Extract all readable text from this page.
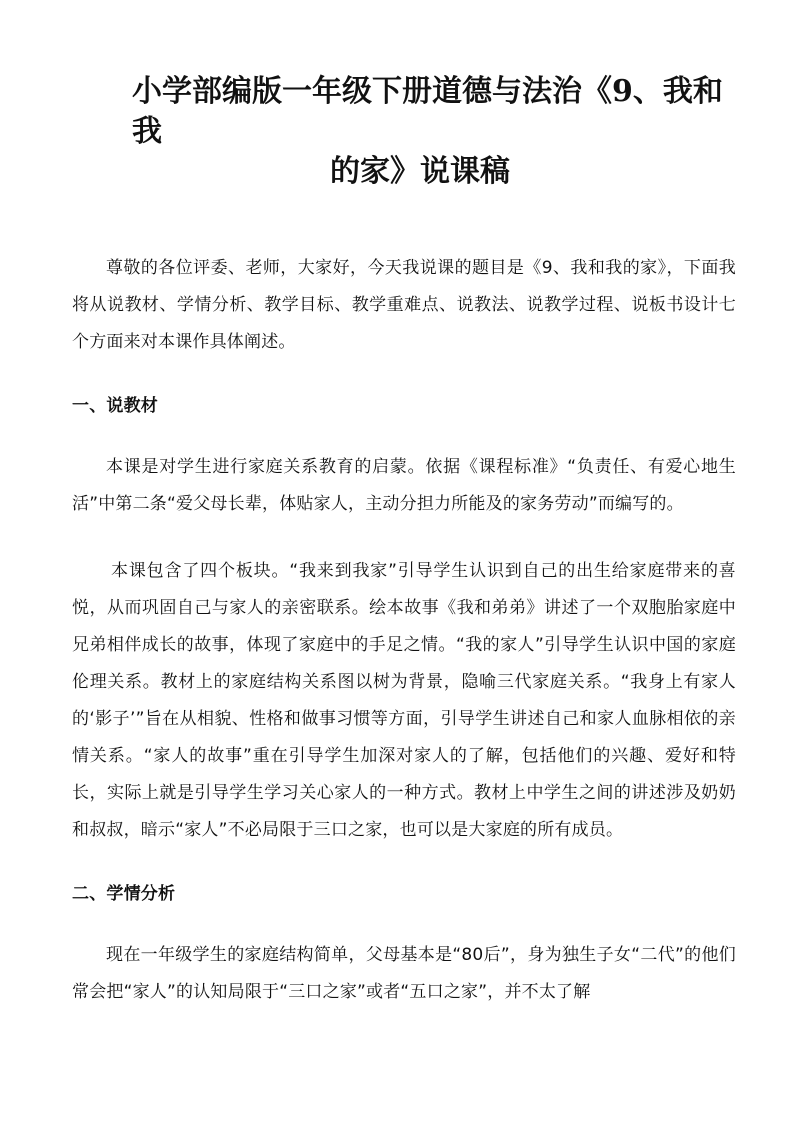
小学部编版一年级下册道德与法治《9、我和我
的家》说课稿

尊敬的各位评委、老师，大家好，今天我说课的题目是《9、我和我的家》，下面我将从说教材、学情分析、教学目标、教学重难点、说教法、说教学过程、说板书设计七个方面来对本课作具体阐述。

一、说教材

本课是对学生进行家庭关系教育的启蒙。依据《课程标准》“负责任、有爱心地生活”中第二条“爱父母长辈，体贴家人，主动分担力所能及的家务劳动”而编写的。

本课包含了四个板块。“我来到我家”引导学生认识到自己的出生给家庭带来的喜悦，从而巩固自己与家人的亲密联系。绘本故事《我和弟弟》讲述了一个双胞胎家庭中兄弟相伴成长的故事，体现了家庭中的手足之情。“我的家人”引导学生认识中国的家庭伦理关系。教材上的家庭结构关系图以树为背景，隐喻三代家庭关系。“我身上有家人的‘影子’”旨在从相貌、性格和做事习惯等方面，引导学生讲述自己和家人血脉相依的亲情关系。“家人的故事”重在引导学生加深对家人的了解，包括他们的兴趣、爱好和特长，实际上就是引导学生学习关心家人的一种方式。教材上中学生之间的讲述涉及奶奶和叔叔，暗示“家人”不必局限于三口之家，也可以是大家庭的所有成员。

二、学情分析

现在一年级学生的家庭结构简单，父母基本是“80后”，身为独生子女“二代”的他们常会把“家人”的认知局限于“三口之家”或者“五口之家”，并不太了解
